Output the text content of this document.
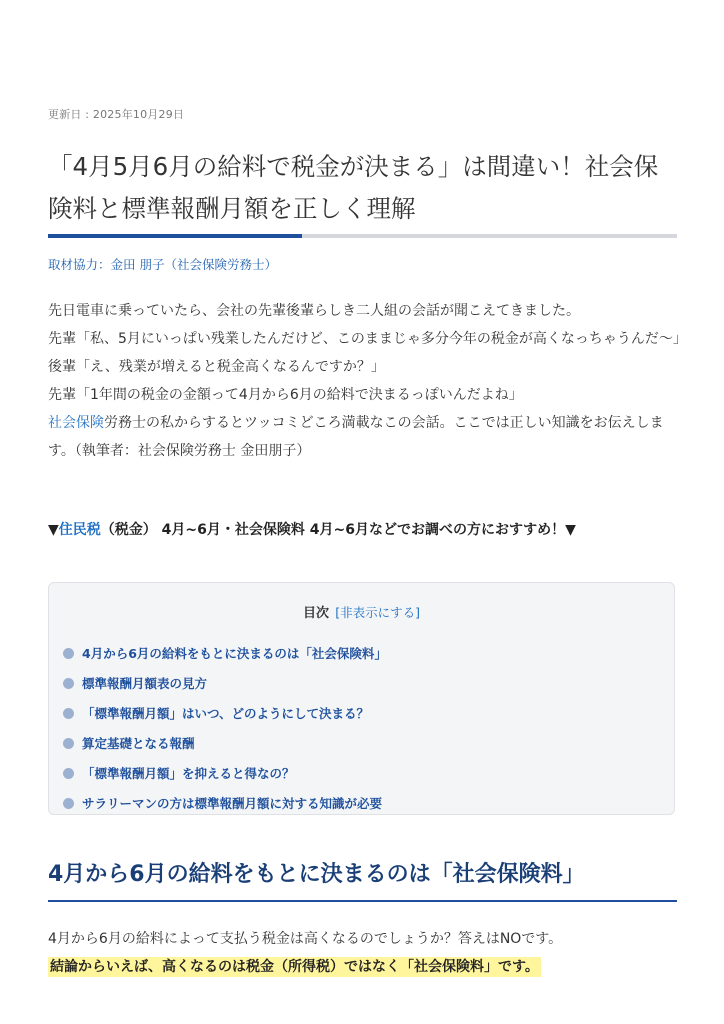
更新日 : 2025年10月29日
「4月5月6月の給料で税金が決まる」は間違い！社会保険料と標準報酬月額を正しく理解
取材協力：金田 朋子（社会保険労務士）

先日電車に乗っていたら、会社の先輩後輩らしき二人組の会話が聞こえてきました。

先輩「私、5月にいっぱい残業したんだけど、このままじゃ多分今年の税金が高くなっちゃうんだ〜」

後輩「え、残業が増えると税金高くなるんですか？」

先輩「1年間の税金の金額って4月から6月の給料で決まるっぽいんだよね」

社会保険労務士の私からするとツッコミどころ満載なこの会話。ここでは正しい知識をお伝えします。（執筆者：社会保険労務士 金田朋子）

▼住民税（税金） 4月~6月・社会保険料 4月~6月などでお調べの方におすすめ！▼
目次 [非表示にする]
4月から6月の給料をもとに決まるのは「社会保険料」
標準報酬月額表の見方
「標準報酬月額」はいつ、どのようにして決まる？
算定基礎となる報酬
「標準報酬月額」を抑えると得なの？
サラリーマンの方は標準報酬月額に対する知識が必要
4月から6月の給料をもとに決まるのは「社会保険料」

4月から6月の給料によって支払う税金は高くなるのでしょうか？答えはNOです。

結論からいえば、高くなるのは税金（所得税）ではなく「社会保険料」です。
